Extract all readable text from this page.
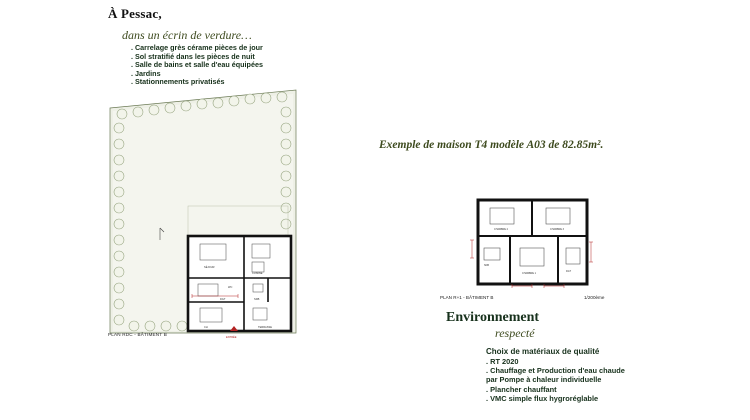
À Pessac,
dans un écrin de verdure…
. Carrelage grès cérame pièces de jour
. Sol stratifié dans les pièces de nuit
. Salle de bains et salle d'eau équipées
. Jardins
. Stationnements privatisés
SÉJOUR
CUISINE
WC
DGT
CH
SDB
TERRASSE
ENTRÉE
PLAN RDC - BÂTIMENT B
Exemple de maison T4 modèle A03 de 82.85m².
CHAMBRE 2	CHAMBRE 3
CHAMBRE 1
SDB
DGT
PLAN R+1 - BÂTIMENT B	1/200ème
Environnement
respecté
Choix de matériaux de qualité
. RT 2020
. Chauffage et Production d'eau chaude
par Pompe à chaleur individuelle
. Plancher chauffant
. VMC simple flux hygroréglable
